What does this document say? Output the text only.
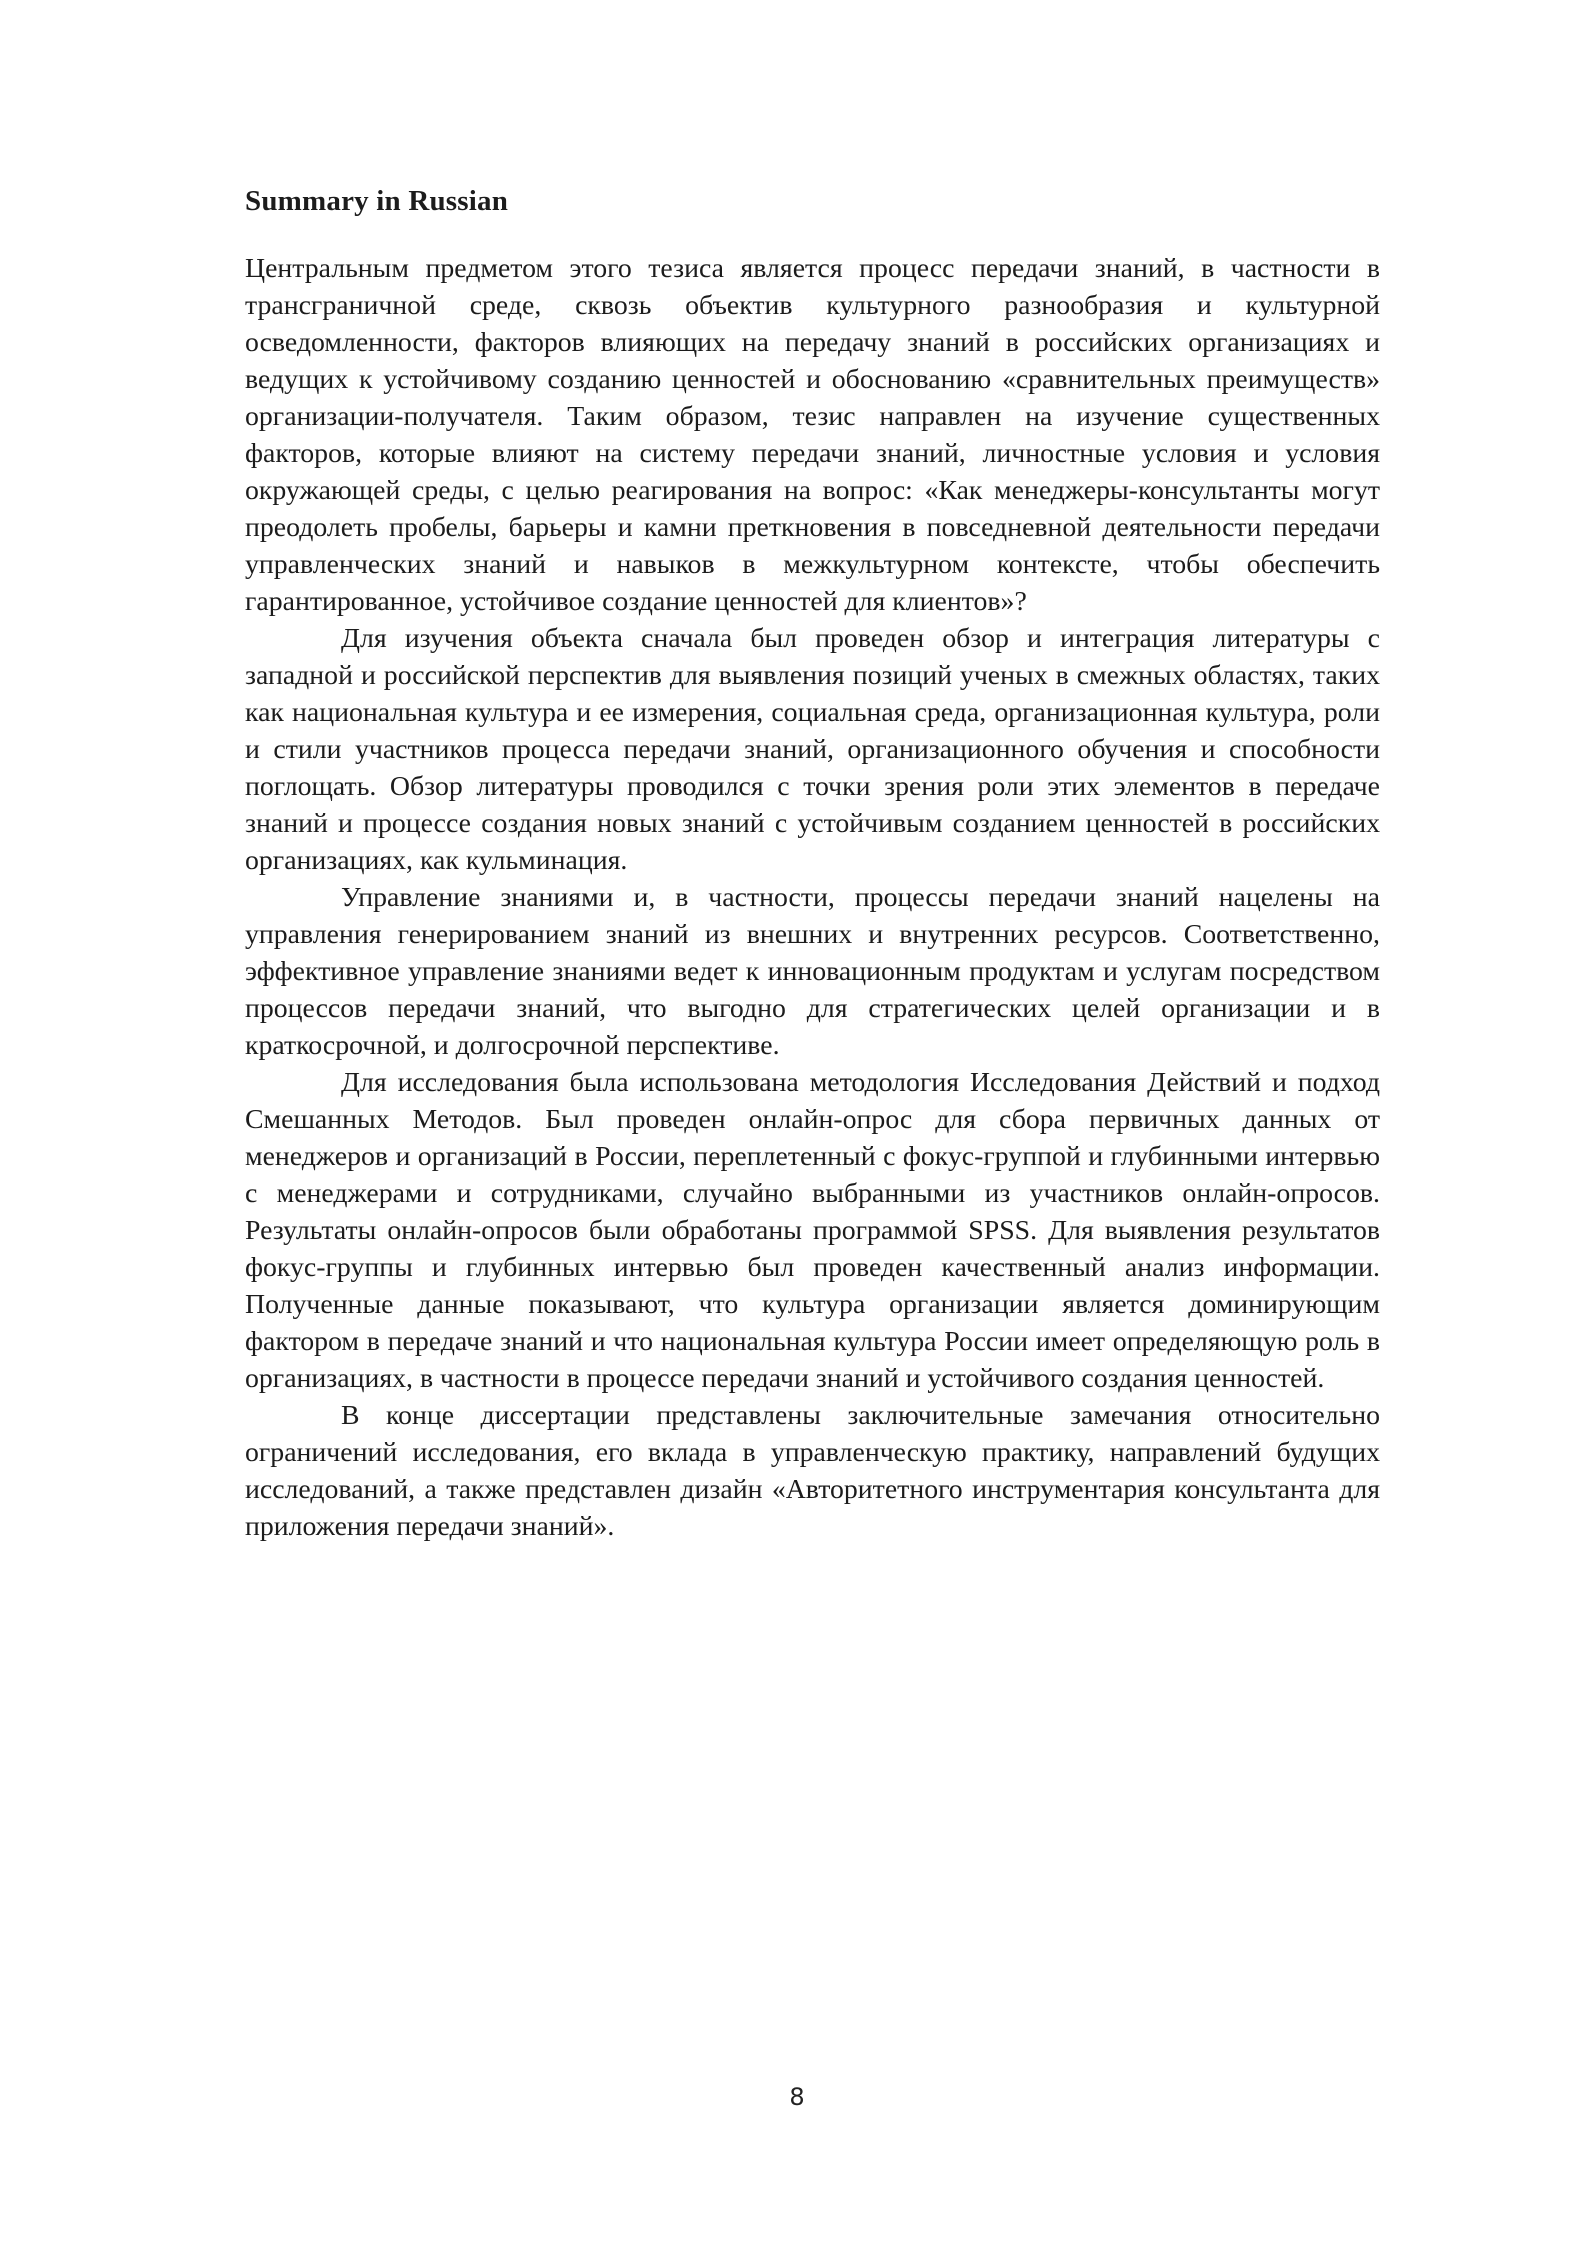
Summary in Russian

Центральным предметом этого тезиса является процесс передачи знаний, в частности в трансграничной среде, сквозь объектив культурного разнообразия и культурной осведомленности, факторов влияющих на передачу знаний в российских организациях и ведущих к устойчивому созданию ценностей и обоснованию «сравнительных преимуществ» организации-получателя. Таким образом, тезис направлен на изучение существенных факторов, которые влияют на систему передачи знаний, личностные условия и условия окружающей среды, с целью реагирования на вопрос: «Как менеджеры-консультанты могут преодолеть пробелы, барьеры и камни преткновения в повседневной деятельности передачи управленческих знаний и навыков в межкультурном контексте, чтобы обеспечить гарантированное, устойчивое создание ценностей для клиентов»?

Для изучения объекта сначала был проведен обзор и интеграция литературы с западной и российской перспектив для выявления позиций ученых в смежных областях, таких как национальная культура и ее измерения, социальная среда, организационная культура, роли и стили участников процесса передачи знаний, организационного обучения и способности поглощать. Обзор литературы проводился с точки зрения роли этих элементов в передаче знаний и процессе создания новых знаний с устойчивым созданием ценностей в российских организациях, как кульминация.

Управление знаниями и, в частности, процессы передачи знаний нацелены на управления генерированием знаний из внешних и внутренних ресурсов. Соответственно, эффективное управление знаниями ведет к инновационным продуктам и услугам посредством процессов передачи знаний, что выгодно для стратегических целей организации и в краткосрочной, и долгосрочной перспективе.

Для исследования была использована методология Исследования Действий и подход Смешанных Методов. Был проведен онлайн-опрос для сбора первичных данных от менеджеров и организаций в России, переплетенный с фокус-группой и глубинными интервью с менеджерами и сотрудниками, случайно выбранными из участников онлайн-опросов. Результаты онлайн-опросов были обработаны программой SPSS. Для выявления результатов фокус-группы и глубинных интервью был проведен качественный анализ информации. Полученные данные показывают, что культура организации является доминирующим фактором в передаче знаний и что национальная культура России имеет определяющую роль в организациях, в частности в процессе передачи знаний и устойчивого создания ценностей.

В конце диссертации представлены заключительные замечания относительно ограничений исследования, его вклада в управленческую практику, направлений будущих исследований, а также представлен дизайн «Авторитетного инструментария консультанта для приложения передачи знаний».

8
